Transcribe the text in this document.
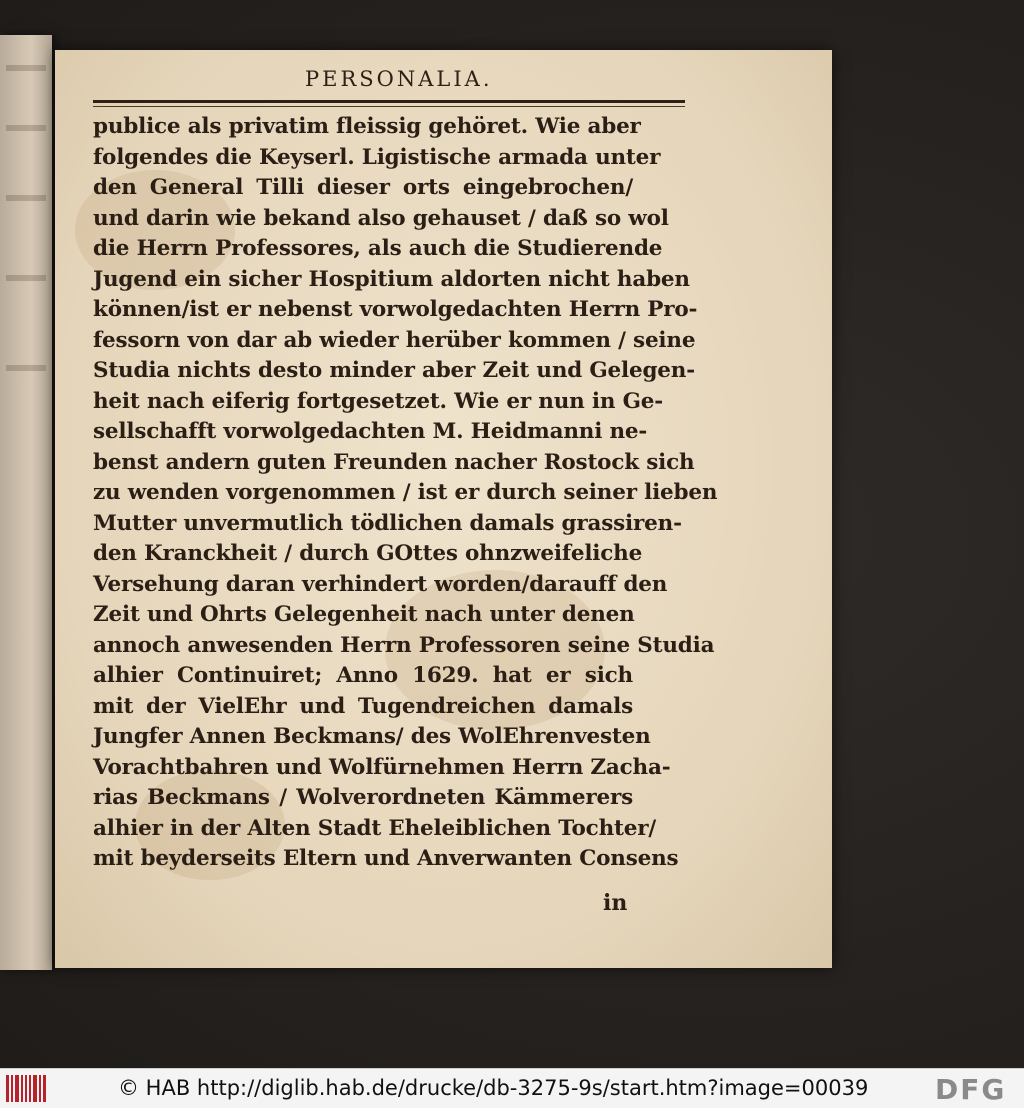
PERSONALIA.
publice als privatim fleissig gehöret. Wie aber
folgendes die Keyserl. Ligistische armada unter
den General Tilli dieser orts eingebrochen/
und darin wie bekand also gehauset / daß so wol
die Herrn Professores, als auch die Studierende
Jugend ein sicher Hospitium aldorten nicht haben
können/ist er nebenst vorwolgedachten Herrn Pro-
fessorn von dar ab wieder herüber kommen / seine
Studia nichts desto minder aber Zeit und Gelegen-
heit nach eiferig fortgesetzet. Wie er nun in Ge-
sellschafft vorwolgedachten M. Heidmanni ne-
benst andern guten Freunden nacher Rostock sich
zu wenden vorgenommen / ist er durch seiner lieben
Mutter unvermutlich tödlichen damals grassiren-
den Kranckheit / durch GOttes ohnzweifeliche
Versehung daran verhindert worden/darauff den
Zeit und Ohrts Gelegenheit nach unter denen
annoch anwesenden Herrn Professoren seine Studia
alhier Continuiret; Anno 1629. hat er sich
mit der VielEhr und Tugendreichen damals
Jungfer Annen Beckmans/ des WolEhrenvesten
Vorachtbahren und Wolfürnehmen Herrn Zacha-
rias Beckmans / Wolverordneten Kämmerers
alhier in der Alten Stadt Eheleiblichen Tochter/
mit beyderseits Eltern und Anverwanten Consens
in
© HAB http://diglib.hab.de/drucke/db-3275-9s/start.htm?image=00039 DFG
